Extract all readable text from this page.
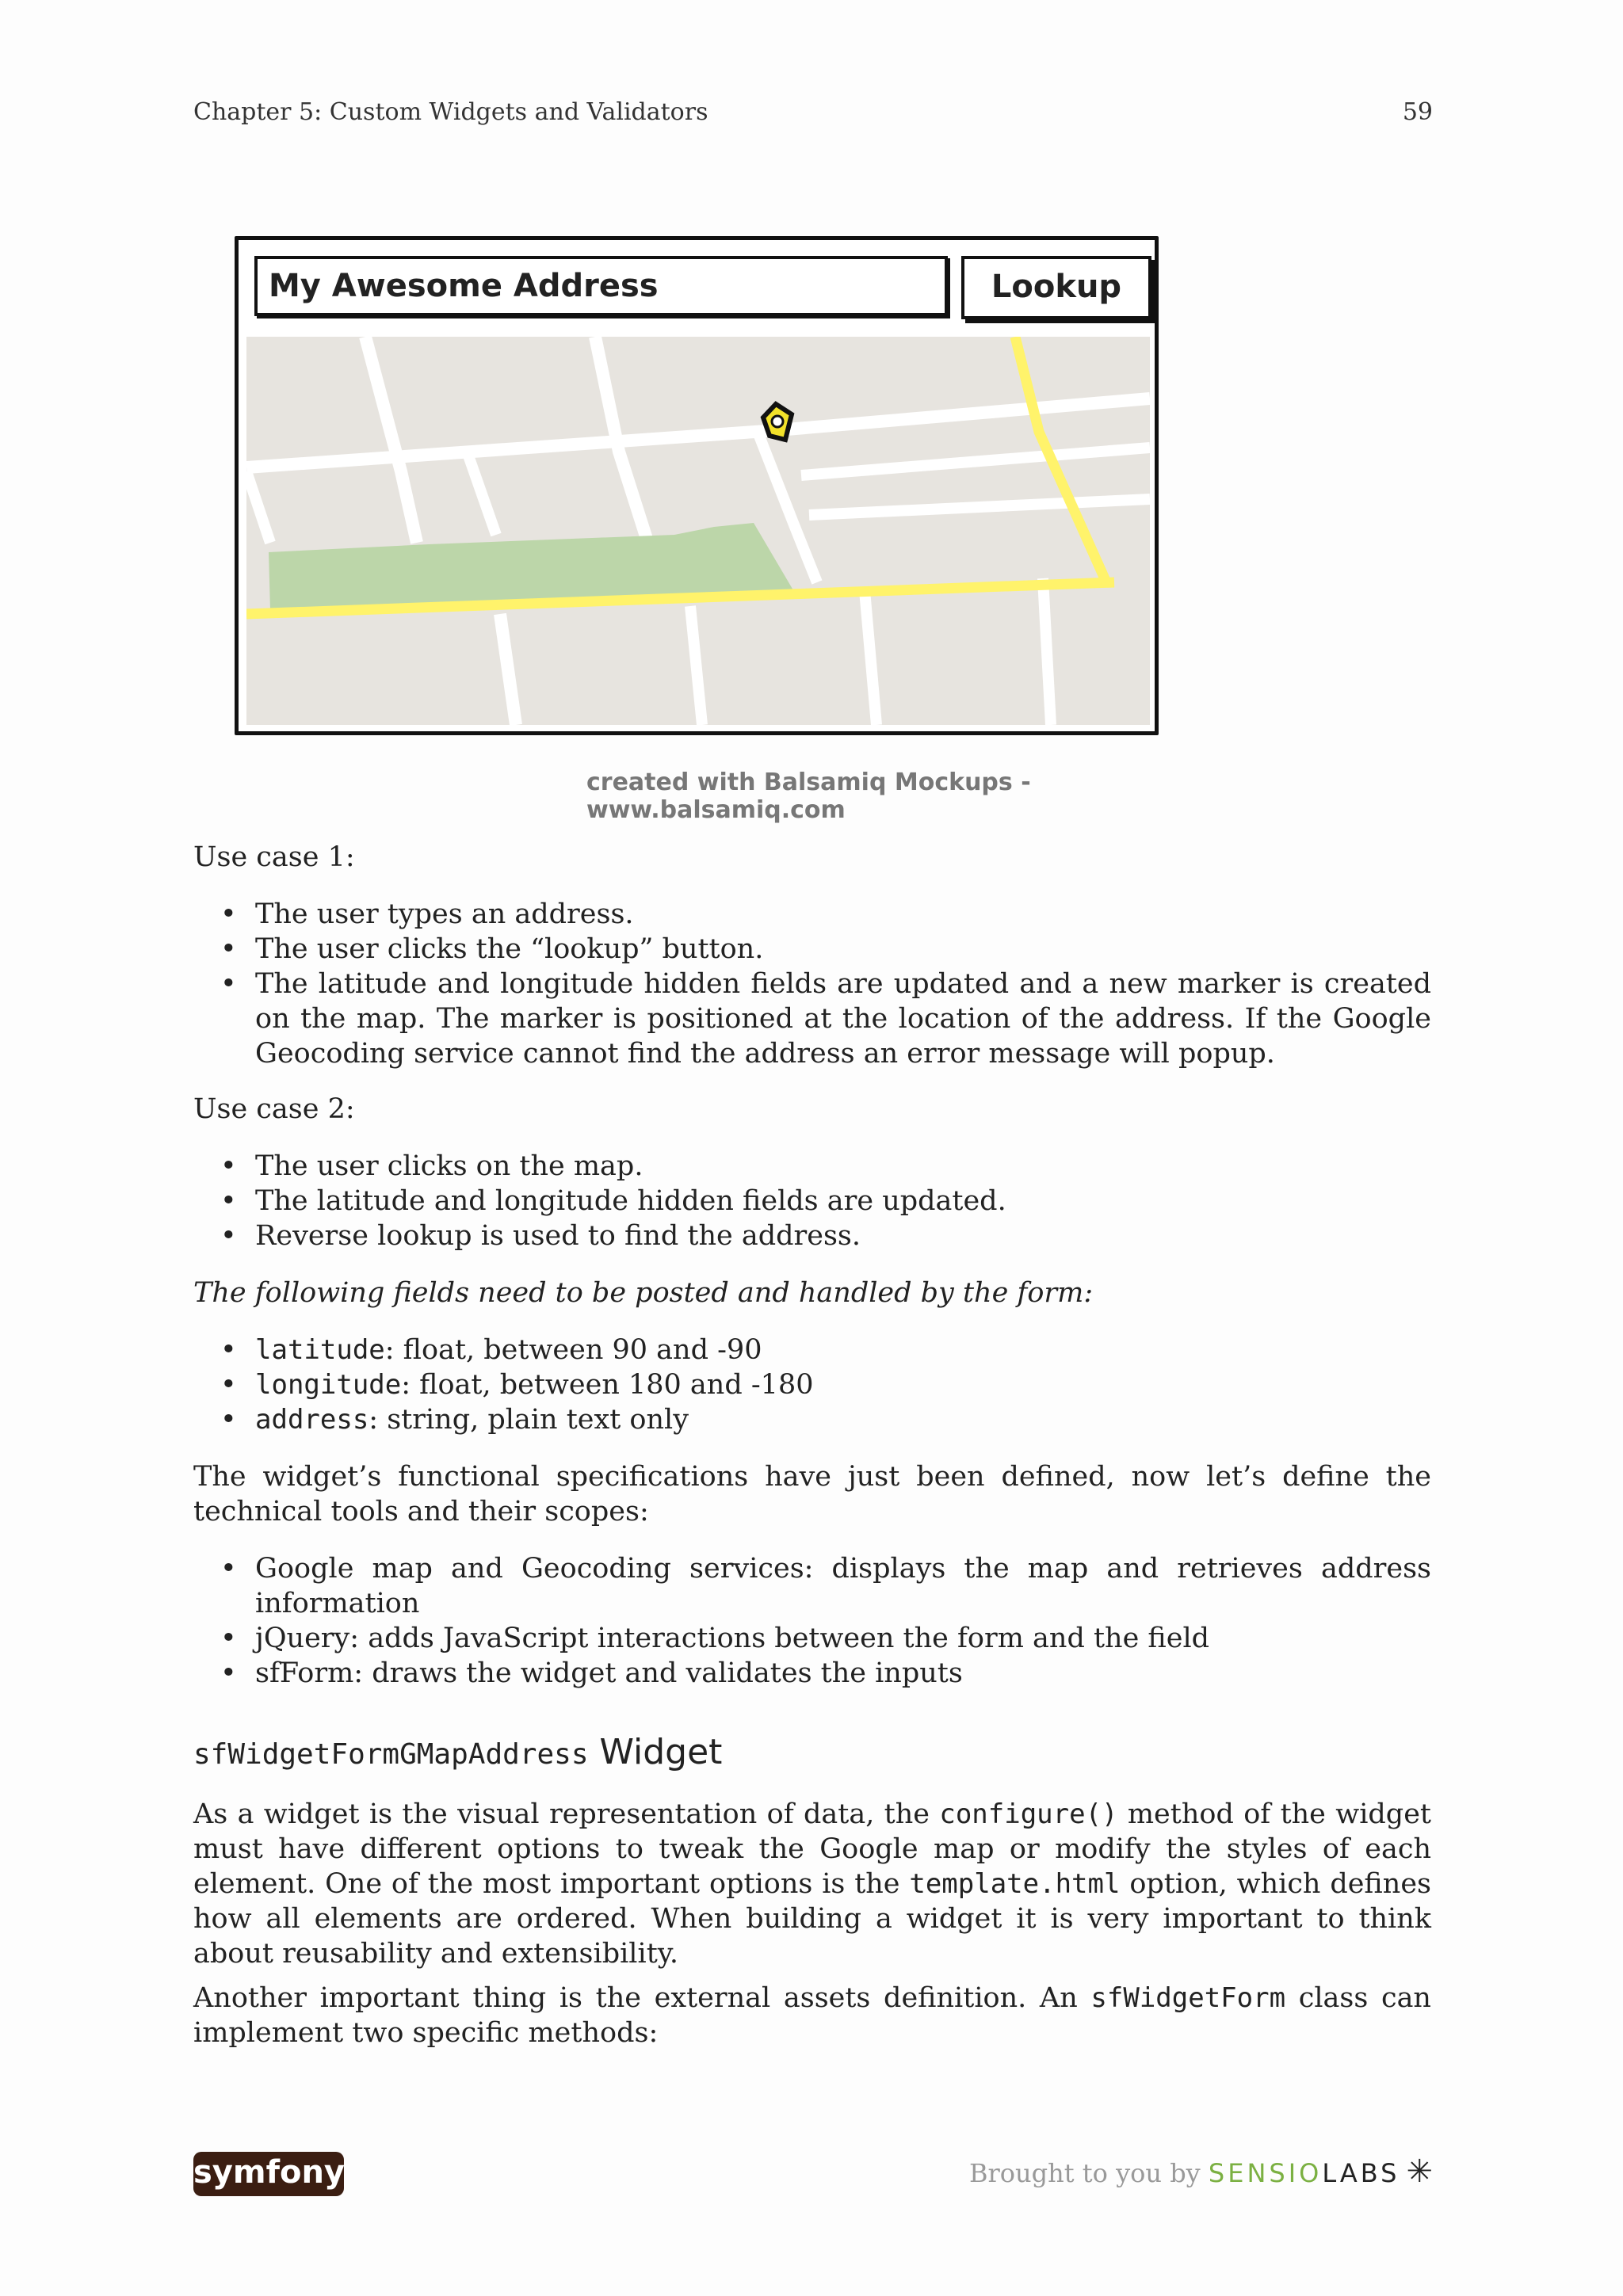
Chapter 5: Custom Widgets and Validators	59
My Awesome Address	Lookup
created with Balsamiq Mockups - www.balsamiq.com

Use case 1:

• The user types an address.
• The user clicks the “lookup” button.
• The latitude and longitude hidden fields are updated and a new marker is created on the map. The marker is positioned at the location of the address. If the Google Geocoding service cannot find the address an error message will popup.

Use case 2:

• The user clicks on the map.
• The latitude and longitude hidden fields are updated.
• Reverse lookup is used to find the address.

The following fields need to be posted and handled by the form:

• latitude: float, between 90 and -90
• longitude: float, between 180 and -180
• address: string, plain text only

The widget’s functional specifications have just been defined, now let’s define the technical tools and their scopes:

• Google map and Geocoding services: displays the map and retrieves address information
• jQuery: adds JavaScript interactions between the form and the field
• sfForm: draws the widget and validates the inputs

sfWidgetFormGMapAddress Widget

As a widget is the visual representation of data, the configure() method of the widget must have different options to tweak the Google map or modify the styles of each element. One of the most important options is the template.html option, which defines how all elements are ordered. When building a widget it is very important to think about reusability and extensibility.

Another important thing is the external assets definition. An sfWidgetForm class can implement two specific methods:

symfony	Brought to you by SENSIOLABS ✳
